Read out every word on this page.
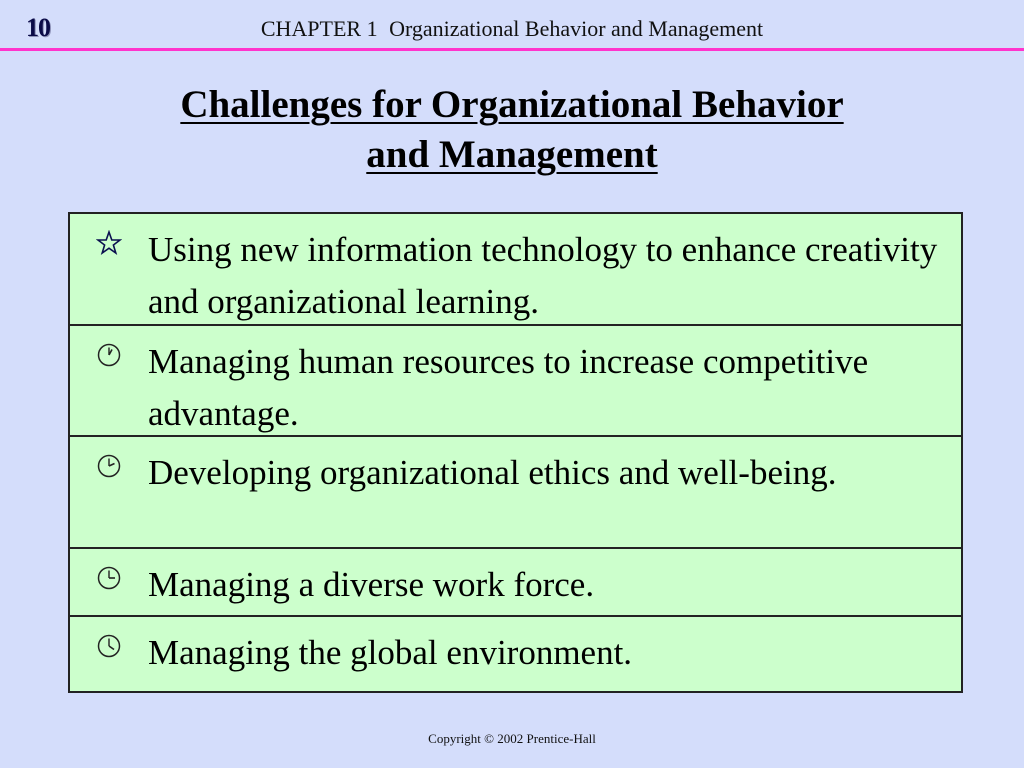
10	CHAPTER 1 Organizational Behavior and Management
Challenges for Organizational Behavior
and Management
Using new information technology to enhance creativity and organizational learning.
Managing human resources to increase competitive advantage.
Developing organizational ethics and well-being.
Managing a diverse work force.
Managing the global environment.
Copyright © 2002 Prentice-Hall
